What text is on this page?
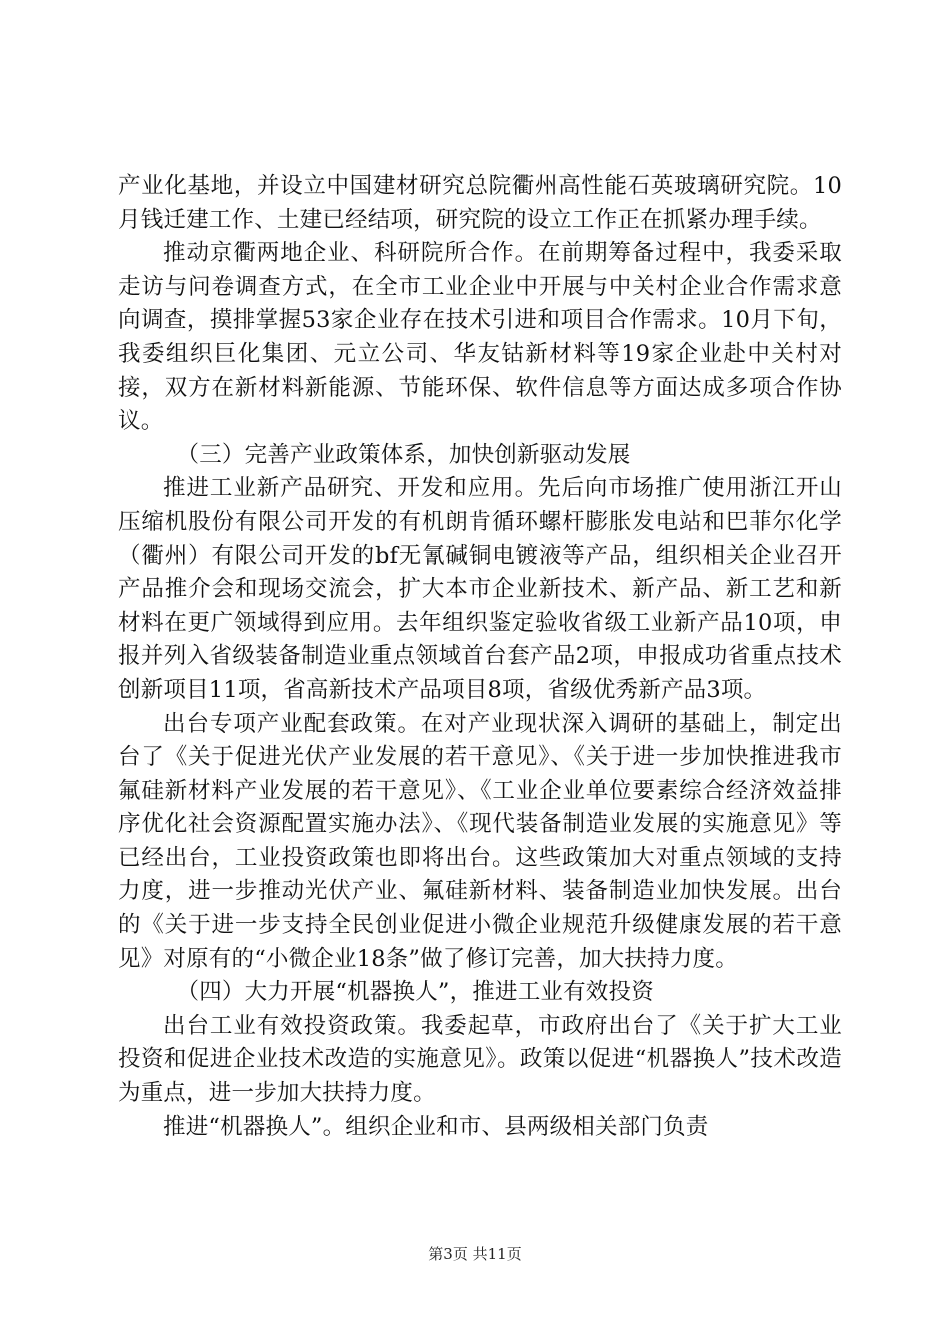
产业化基地，并设立中国建材研究总院衢州高性能石英玻璃研究院。10月钱迁建工作、土建已经结项，研究院的设立工作正在抓紧办理手续。

推动京衢两地企业、科研院所合作。在前期筹备过程中，我委采取走访与问卷调查方式，在全市工业企业中开展与中关村企业合作需求意向调查，摸排掌握53家企业存在技术引进和项目合作需求。10月下旬，我委组织巨化集团、元立公司、华友钴新材料等19家企业赴中关村对接，双方在新材料新能源、节能环保、软件信息等方面达成多项合作协议。

（三）完善产业政策体系，加快创新驱动发展

推进工业新产品研究、开发和应用。先后向市场推广使用浙江开山压缩机股份有限公司开发的有机朗肯循环螺杆膨胀发电站和巴菲尔化学（衢州）有限公司开发的bf无氰碱铜电镀液等产品，组织相关企业召开产品推介会和现场交流会，扩大本市企业新技术、新产品、新工艺和新材料在更广领域得到应用。去年组织鉴定验收省级工业新产品10项，申报并列入省级装备制造业重点领域首台套产品2项，申报成功省重点技术创新项目11项，省高新技术产品项目8项，省级优秀新产品3项。

出台专项产业配套政策。在对产业现状深入调研的基础上，制定出台了《关于促进光伏产业发展的若干意见》、《关于进一步加快推进我市氟硅新材料产业发展的若干意见》、《工业企业单位要素综合经济效益排序优化社会资源配置实施办法》、《现代装备制造业发展的实施意见》等已经出台，工业投资政策也即将出台。这些政策加大对重点领域的支持力度，进一步推动光伏产业、氟硅新材料、装备制造业加快发展。出台的《关于进一步支持全民创业促进小微企业规范升级健康发展的若干意见》对原有的“小微企业18条”做了修订完善，加大扶持力度。

（四）大力开展“机器换人”，推进工业有效投资

出台工业有效投资政策。我委起草，市政府出台了《关于扩大工业投资和促进企业技术改造的实施意见》。政策以促进“机器换人”技术改造为重点，进一步加大扶持力度。

推进“机器换人”。组织企业和市、县两级相关部门负责

第3页 共11页
